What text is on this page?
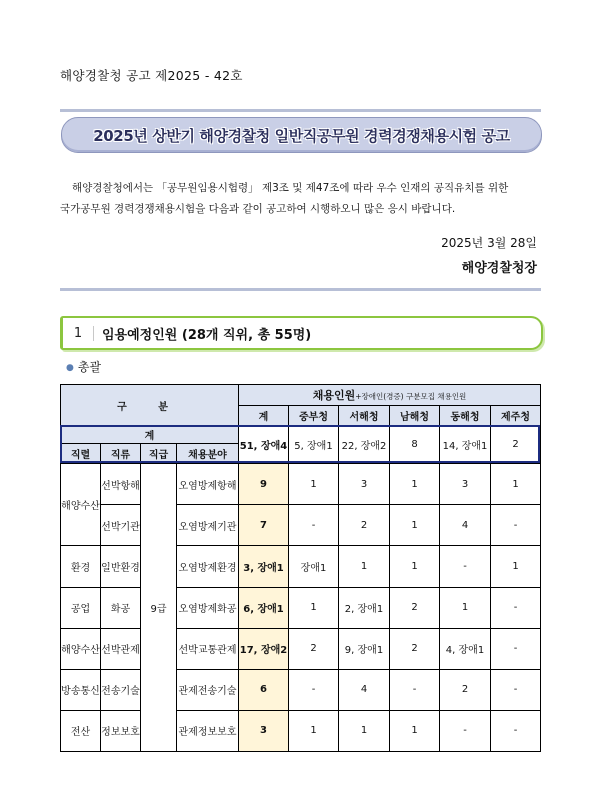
해양경찰청 공고 제2025 - 42호
2025년 상반기 해양경찰청 일반직공무원 경력경쟁채용시험 공고

해양경찰청에서는 「공무원임용시험령」 제3조 및 제47조에 따라 우수 인재의 공직유치를 위한

국가공무원 경력경쟁채용시험을 다음과 같이 공고하여 시행하오니 많은 응시 바랍니다.

2025년 3월 28일
해양경찰청장
1	임용예정인원 (28개 직위, 총 55명)
● 총괄
구 분				채용인원+장애인(경증) 구분모집 채용인원					
				계	중부청	서해청	남해청	동해청	제주청
계				51, 장애4	5, 장애1	22, 장애2	8	14, 장애1	2
직렬	직류	직급	채용분야						
해양수산	선박항해	9급	오염방제항해	9	1	3	1	3	1
	선박기관		오염방제기관	7	-	2	1	4	-
환경	일반환경		오염방제환경	3, 장애1	장애1	1	1	-	1
공업	화공		오염방제화공	6, 장애1	1	2, 장애1	2	1	-
해양수산	선박관제		선박교통관제	17, 장애2	2	9, 장애1	2	4, 장애1	-
방송통신	전송기술		관제전송기술	6	-	4	-	2	-
전산	정보보호		관제정보보호	3	1	1	1	-	-
